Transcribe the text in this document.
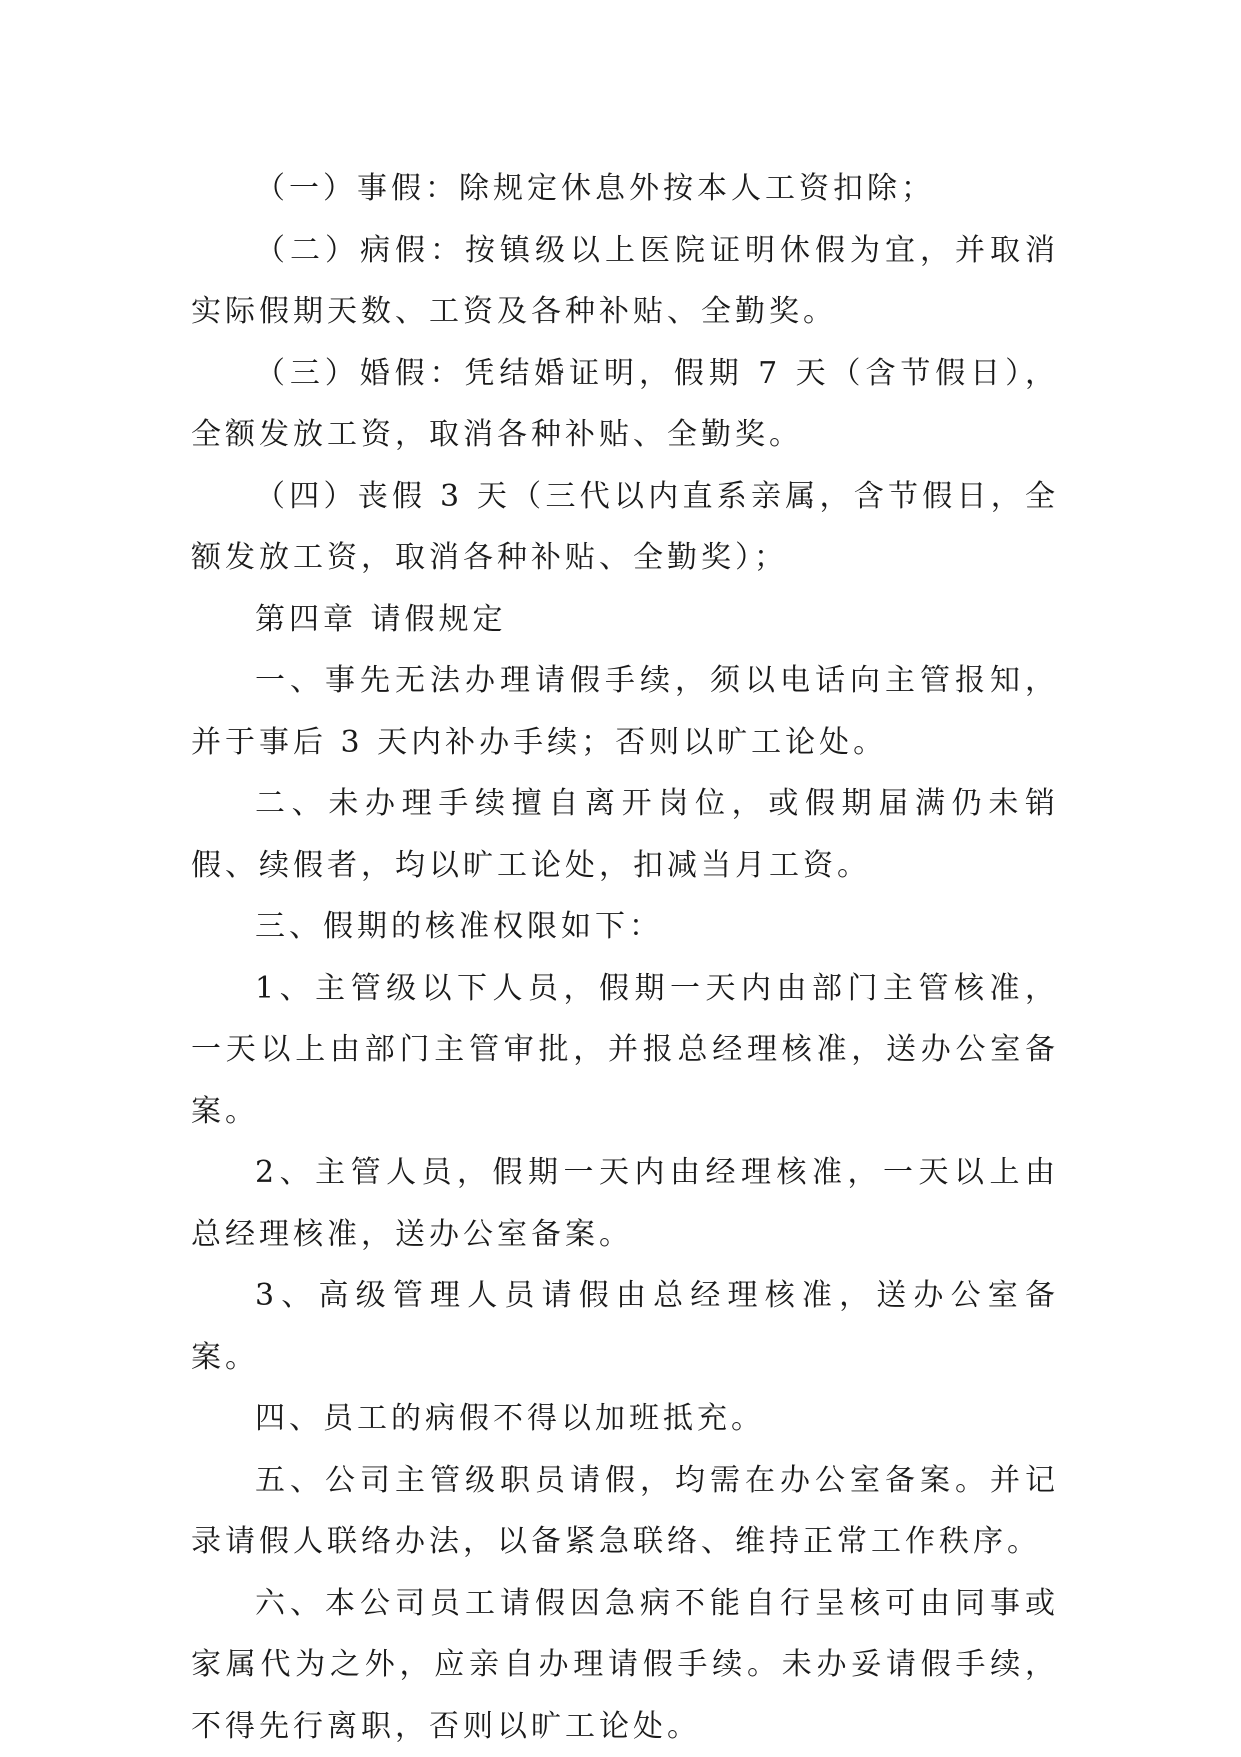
（一）事假：除规定休息外按本人工资扣除；

（二）病假：按镇级以上医院证明休假为宜，并取消实际假期天数、工资及各种补贴、全勤奖。

（三）婚假：凭结婚证明，假期 7 天（含节假日），全额发放工资，取消各种补贴、全勤奖。

（四）丧假 3 天（三代以内直系亲属，含节假日，全额发放工资，取消各种补贴、全勤奖）；

第四章 请假规定

一、事先无法办理请假手续，须以电话向主管报知，并于事后 3 天内补办手续；否则以旷工论处。

二、未办理手续擅自离开岗位，或假期届满仍未销假、续假者，均以旷工论处，扣减当月工资。

三、假期的核准权限如下：

1、主管级以下人员，假期一天内由部门主管核准，一天以上由部门主管审批，并报总经理核准，送办公室备案。

2、主管人员，假期一天内由经理核准，一天以上由总经理核准，送办公室备案。

3、高级管理人员请假由总经理核准，送办公室备案。

四、员工的病假不得以加班抵充。

五、公司主管级职员请假，均需在办公室备案。并记录请假人联络办法，以备紧急联络、维持正常工作秩序。

六、本公司员工请假因急病不能自行呈核可由同事或家属代为之外，应亲自办理请假手续。未办妥请假手续，不得先行离职，否则以旷工论处。
